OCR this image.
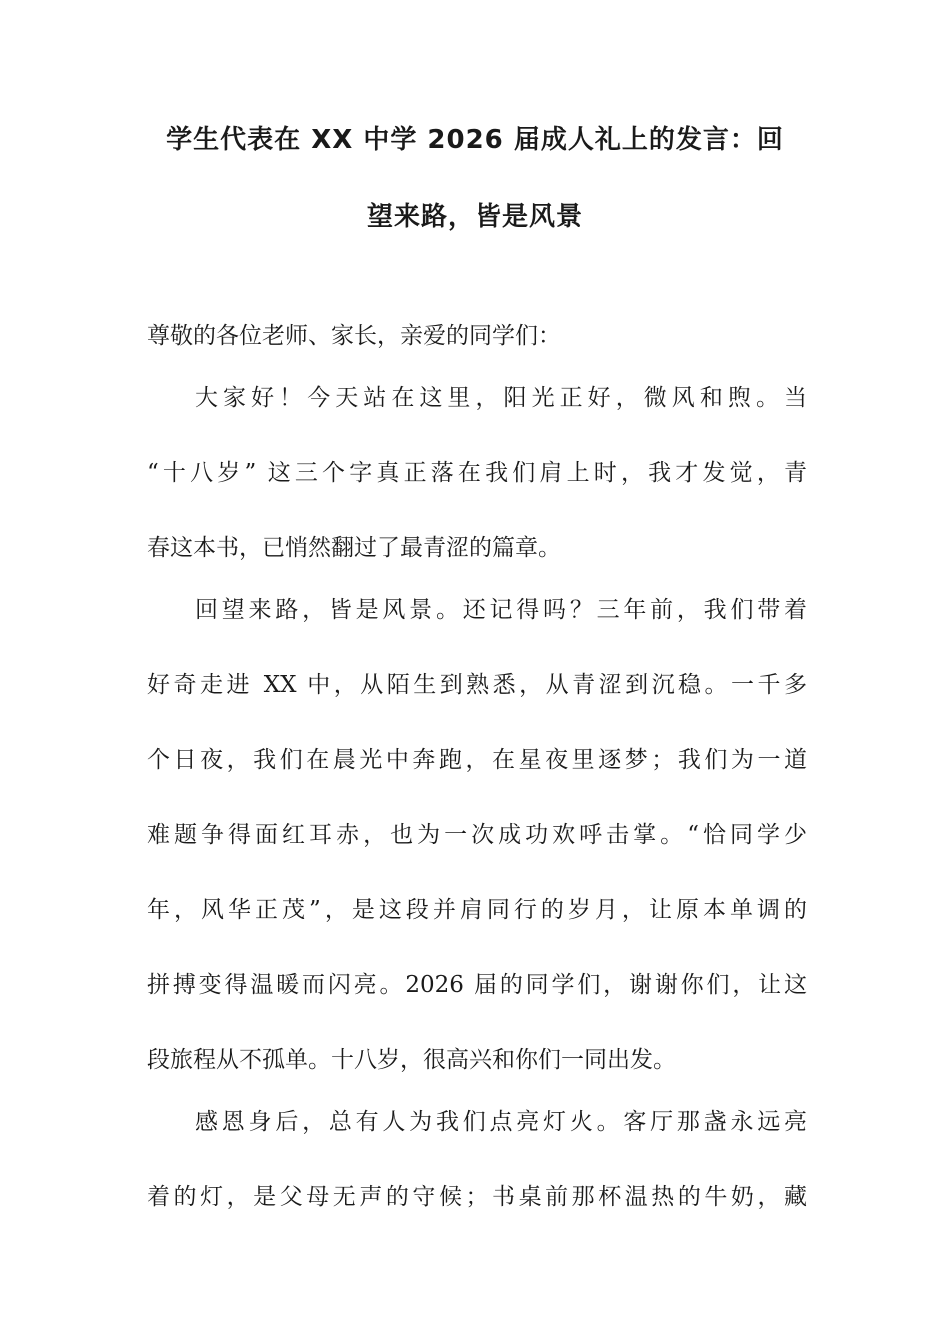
学生代表在 XX 中学 2026 届成人礼上的发言：回
望来路，皆是风景

尊敬的各位老师、家长，亲爱的同学们：

大家好！今天站在这里，阳光正好，微风和煦。当

“十八岁” 这三个字真正落在我们肩上时，我才发觉，青

春这本书，已悄然翻过了最青涩的篇章。

回望来路，皆是风景。还记得吗？三年前，我们带着

好奇走进 XX 中，从陌生到熟悉，从青涩到沉稳。一千多

个日夜，我们在晨光中奔跑，在星夜里逐梦；我们为一道

难题争得面红耳赤，也为一次成功欢呼击掌。“恰同学少

年，风华正茂”，是这段并肩同行的岁月，让原本单调的

拼搏变得温暖而闪亮。2026 届的同学们，谢谢你们，让这

段旅程从不孤单。十八岁，很高兴和你们一同出发。

感恩身后，总有人为我们点亮灯火。客厅那盏永远亮

着的灯，是父母无声的守候；书桌前那杯温热的牛奶，藏
